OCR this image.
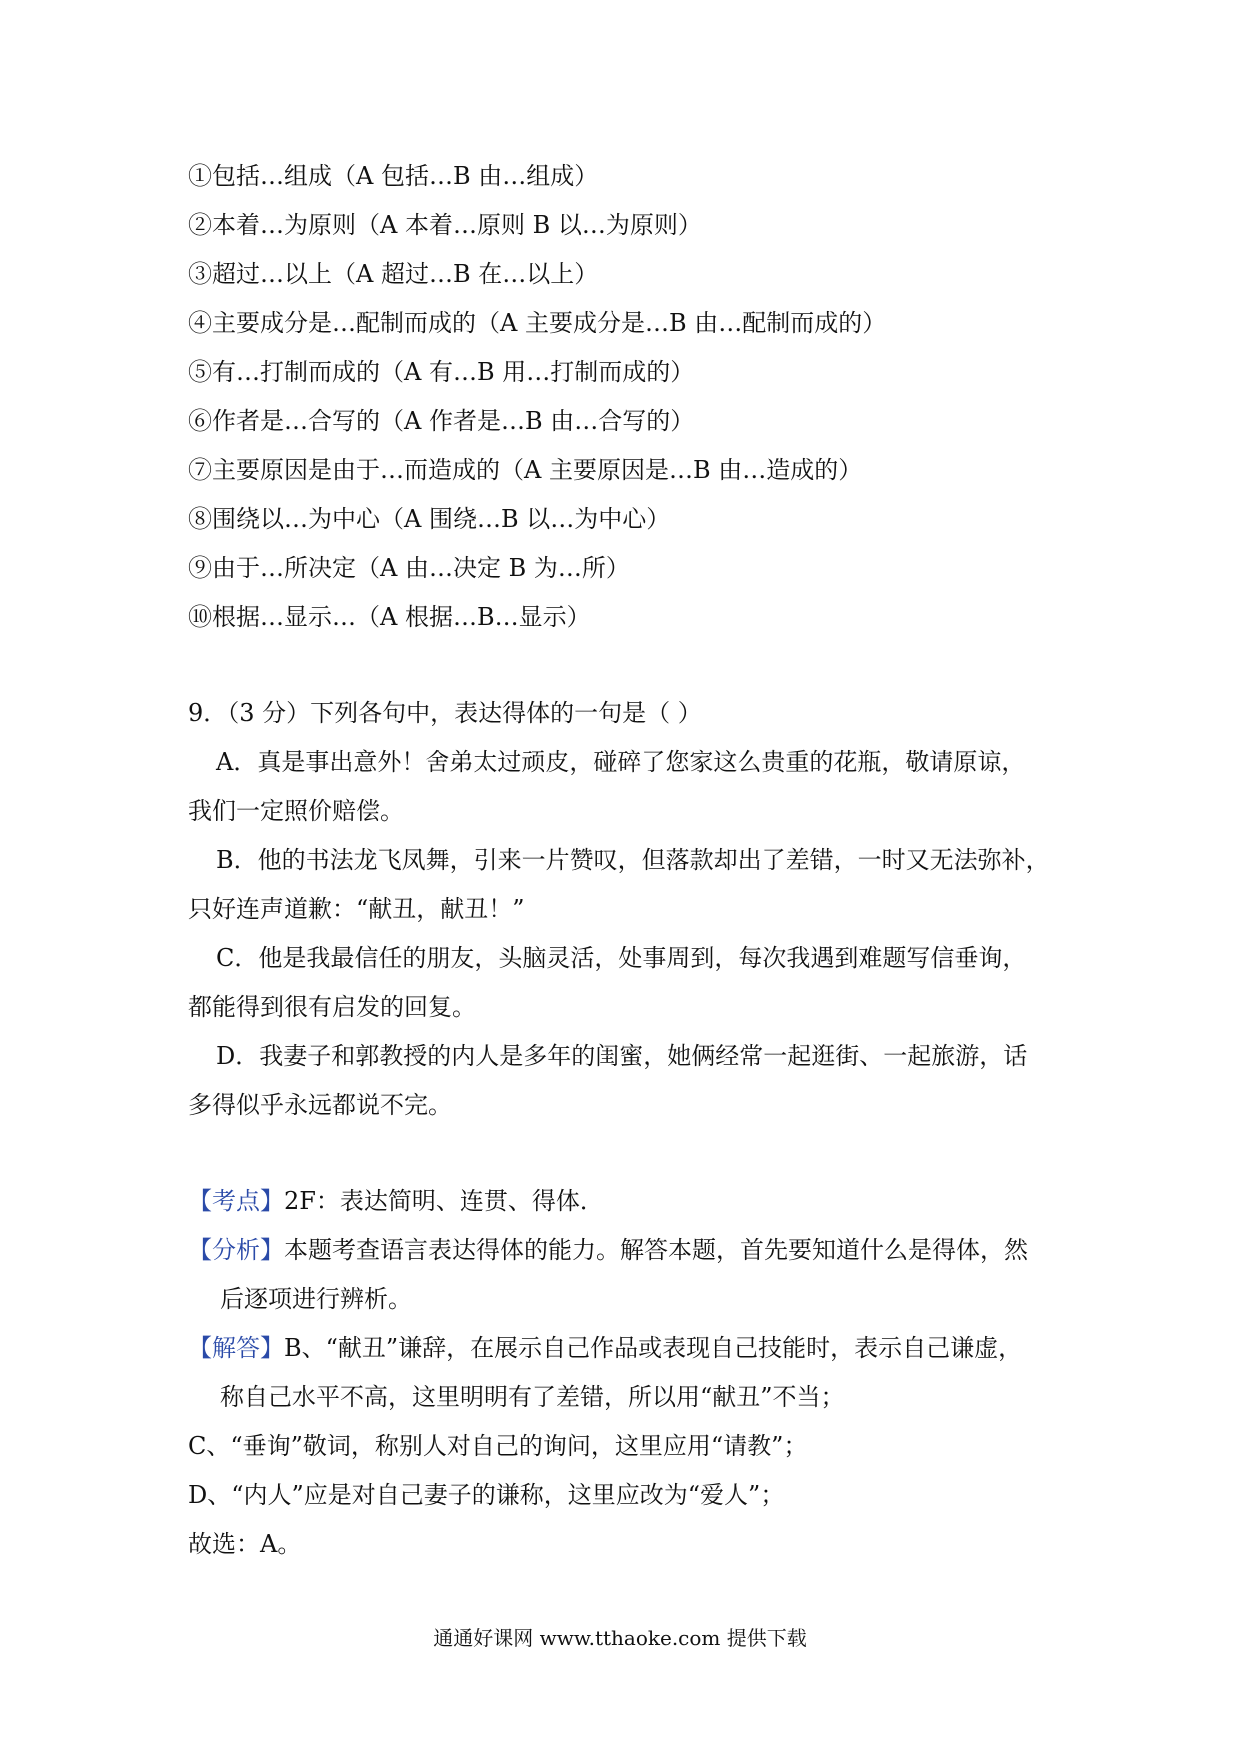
①包括…组成（A 包括…B 由…组成）
②本着…为原则（A 本着…原则 B 以…为原则）
③超过…以上（A 超过…B 在…以上）
④主要成分是…配制而成的（A 主要成分是…B 由…配制而成的）
⑤有…打制而成的（A 有…B 用…打制而成的）
⑥作者是…合写的（A 作者是…B 由…合写的）
⑦主要原因是由于…而造成的（A 主要原因是…B 由…造成的）
⑧围绕以…为中心（A 围绕…B 以…为中心）
⑨由于…所决定（A 由…决定 B 为…所）
⑩根据…显示…（A 根据…B…显示）
9．（3 分）下列各句中，表达得体的一句是（ ）
A．真是事出意外！舍弟太过顽皮，碰碎了您家这么贵重的花瓶，敬请原谅，
我们一定照价赔偿。
B．他的书法龙飞凤舞，引来一片赞叹，但落款却出了差错，一时又无法弥补，
只好连声道歉：“献丑，献丑！”
C．他是我最信任的朋友，头脑灵活，处事周到，每次我遇到难题写信垂询，
都能得到很有启发的回复。
D．我妻子和郭教授的内人是多年的闺蜜，她俩经常一起逛街、一起旅游，话
多得似乎永远都说不完。
【考点】2F：表达简明、连贯、得体．
【分析】本题考查语言表达得体的能力。解答本题，首先要知道什么是得体，然
后逐项进行辨析。
【解答】B、“献丑”谦辞，在展示自己作品或表现自己技能时，表示自己谦虚，
称自己水平不高，这里明明有了差错，所以用“献丑”不当；
C、“垂询”敬词，称别人对自己的询问，这里应用“请教”；
D、“内人”应是对自己妻子的谦称，这里应改为“爱人”；
故选：A。
通通好课网 www.tthaoke.com 提供下载
